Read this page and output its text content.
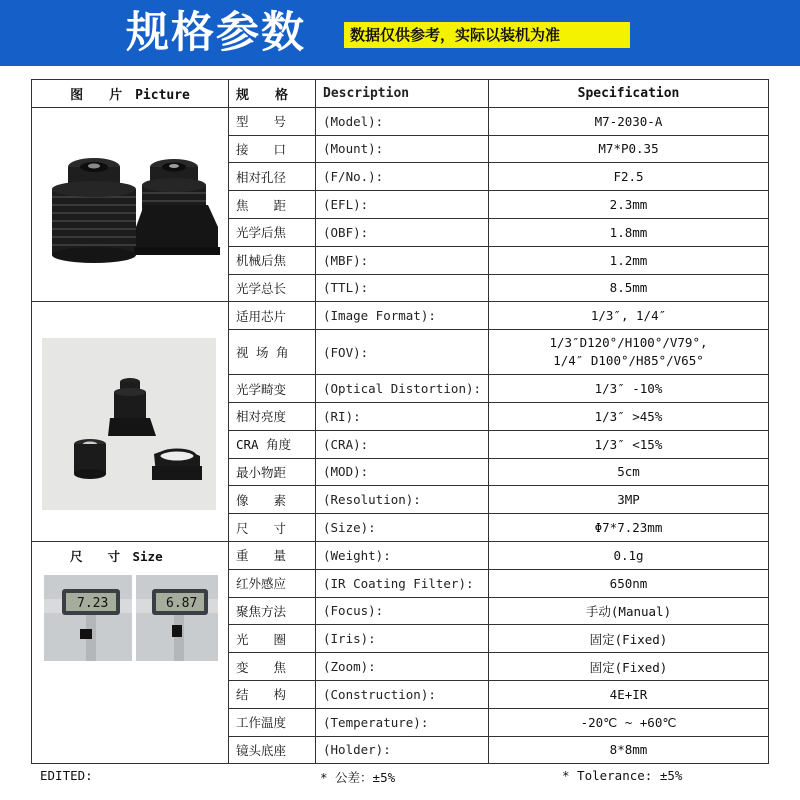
规格参数	数据仅供参考，实际以装机为准
图　　片　Picture	规　　格	Description	Specification

	型　　号	(Model):	M7-2030-A
	接　　口	(Mount):	M7*P0.35
	相对孔径	(F/No.):	F2.5
	焦　　距	(EFL):	2.3mm
	光学后焦	(OBF):	1.8mm
	机械后焦	(MBF):	1.2mm
	光学总长	(TTL):	8.5mm

	适用芯片	(Image Format):	1/3″, 1/4″
	视 场 角	(FOV):	1/3″D120°/H100°/V79°,
1/4″ D100°/H85°/V65°

	光学畸变	(Optical Distortion):	1/3″ -10%
	相对亮度	(RI):	1/3″ >45%
	CRA 角度	(CRA):	1/3″ <15%
	最小物距	(MOD):	5cm
	像　　素	(Resolution):	3MP
	尺　　寸	(Size):	Φ7*7.23mm
尺　　寸　Size	重　　量	(Weight):	0.1g

7.23 6.87	红外感应	(IR Coating Filter):	650nm
	聚焦方法	(Focus):	手动(Manual)
	光　　圈	(Iris):	固定(Fixed)
	变　　焦	(Zoom):	固定(Fixed)
	结　　构	(Construction):	4E+IR
	工作温度	(Temperature):	-20℃ ~ +60℃
	镜头底座	(Holder):	8*8mm
EDITED:	* 公差：±5%	* Tolerance: ±5%
